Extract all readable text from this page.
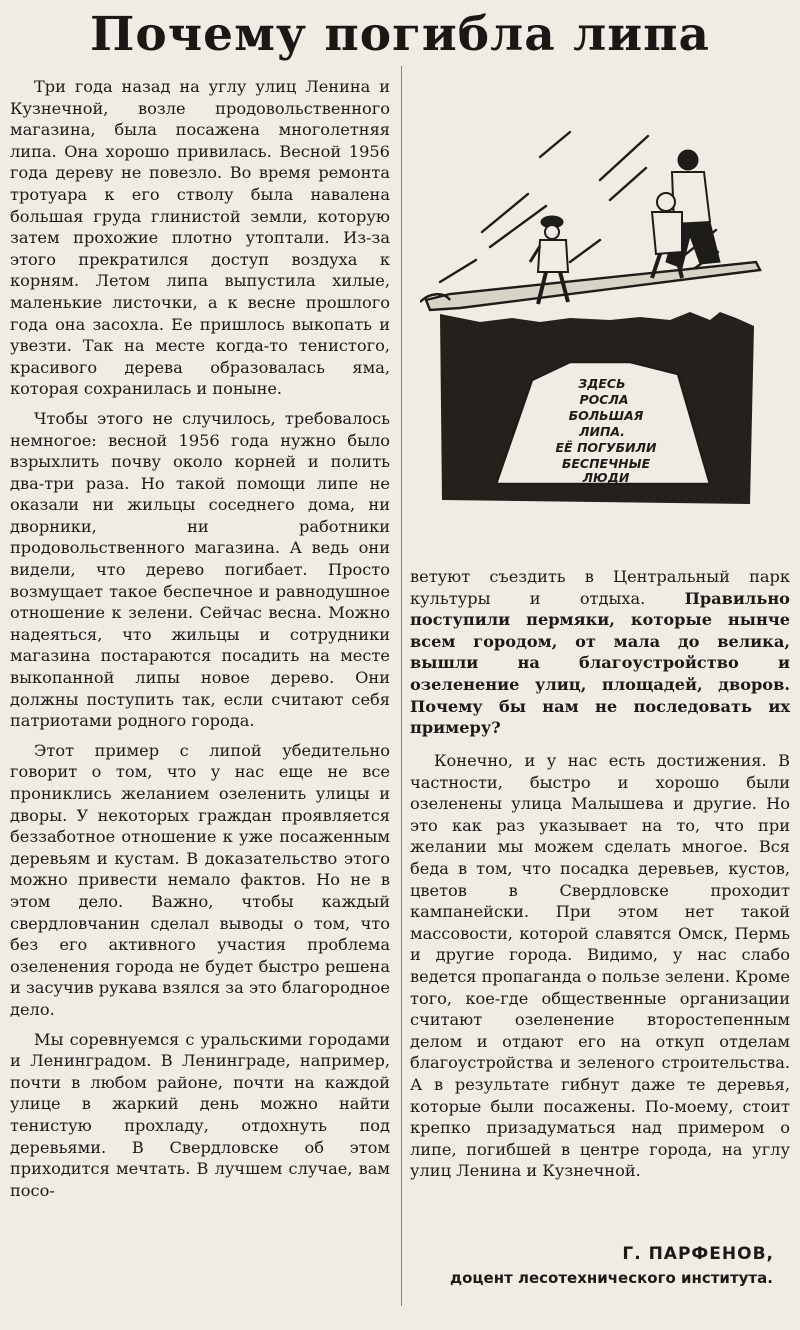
Почему погибла липа

Три года назад на углу улиц Ленина и Кузнечной, возле продовольственного магазина, была посажена многолетняя липа. Она хорошо привилась. Весной 1956 года дереву не повезло. Во время ремонта тротуара к его стволу была навалена большая груда глинистой земли, которую затем прохожие плотно утоптали. Из-за этого прекратился доступ воздуха к корням. Летом липа выпустила хилые, маленькие листочки, а к весне прошлого года она засохла. Ее пришлось выкопать и увезти. Так на месте когда-то тенистого, красивого дерева образовалась яма, которая сохранилась и поныне.

Чтобы этого не случилось, требовалось немногое: весной 1956 года нужно было взрыхлить почву около корней и полить два-три раза. Но такой помощи липе не оказали ни жильцы соседнего дома, ни дворники, ни работники продовольственного магазина. А ведь они видели, что дерево погибает. Просто возмущает такое беспечное и равнодушное отношение к зелени. Сейчас весна. Можно надеяться, что жильцы и сотрудники магазина постараются посадить на месте выкопанной липы новое дерево. Они должны поступить так, если считают себя патриотами родного города.

Этот пример с липой убедительно говорит о том, что у нас еще не все прониклись желанием озеленить улицы и дворы. У некоторых граждан проявляется беззаботное отношение к уже посаженным деревьям и кустам. В доказательство этого можно привести немало фактов. Но не в этом дело. Важно, чтобы каждый свердловчанин сделал выводы о том, что без его активного участия проблема озеленения города не будет быстро решена и засучив рукава взялся за это благородное дело.

Мы соревнуемся с уральскими городами и Ленинградом. В Ленинграде, например, почти в любом районе, почти на каждой улице в жаркий день можно найти тенистую прохладу, отдохнуть под деревьями. В Свердловске об этом приходится мечтать. В лучшем случае, вам посо-

ЗДЕСЬ
РОСЛА
БОЛЬШАЯ
ЛИПА.
ЕЁ ПОГУБИЛИ
БЕСПЕЧНЫЕ
ЛЮДИ

ветуют съездить в Центральный парк культуры и отдыха. Правильно поступили пермяки, которые нынче всем городом, от мала до велика, вышли на благоустройство и озеленение улиц, площадей, дворов. Почему бы нам не последовать их примеру?

Конечно, и у нас есть достижения. В частности, быстро и хорошо были озеленены улица Малышева и другие. Но это как раз указывает на то, что при желании мы можем сделать многое. Вся беда в том, что посадка деревьев, кустов, цветов в Свердловске проходит кампанейски. При этом нет такой массовости, которой славятся Омск, Пермь и другие города. Видимо, у нас слабо ведется пропаганда о пользе зелени. Кроме того, кое-где общественные организации считают озеленение второстепенным делом и отдают его на откуп отделам благоустройства и зеленого строительства. А в результате гибнут даже те деревья, которые были посажены. По-моему, стоит крепко призадуматься над примером о липе, погибшей в центре города, на углу улиц Ленина и Кузнечной.

Г. ПАРФЕНОВ,

доцент лесотехнического института.
